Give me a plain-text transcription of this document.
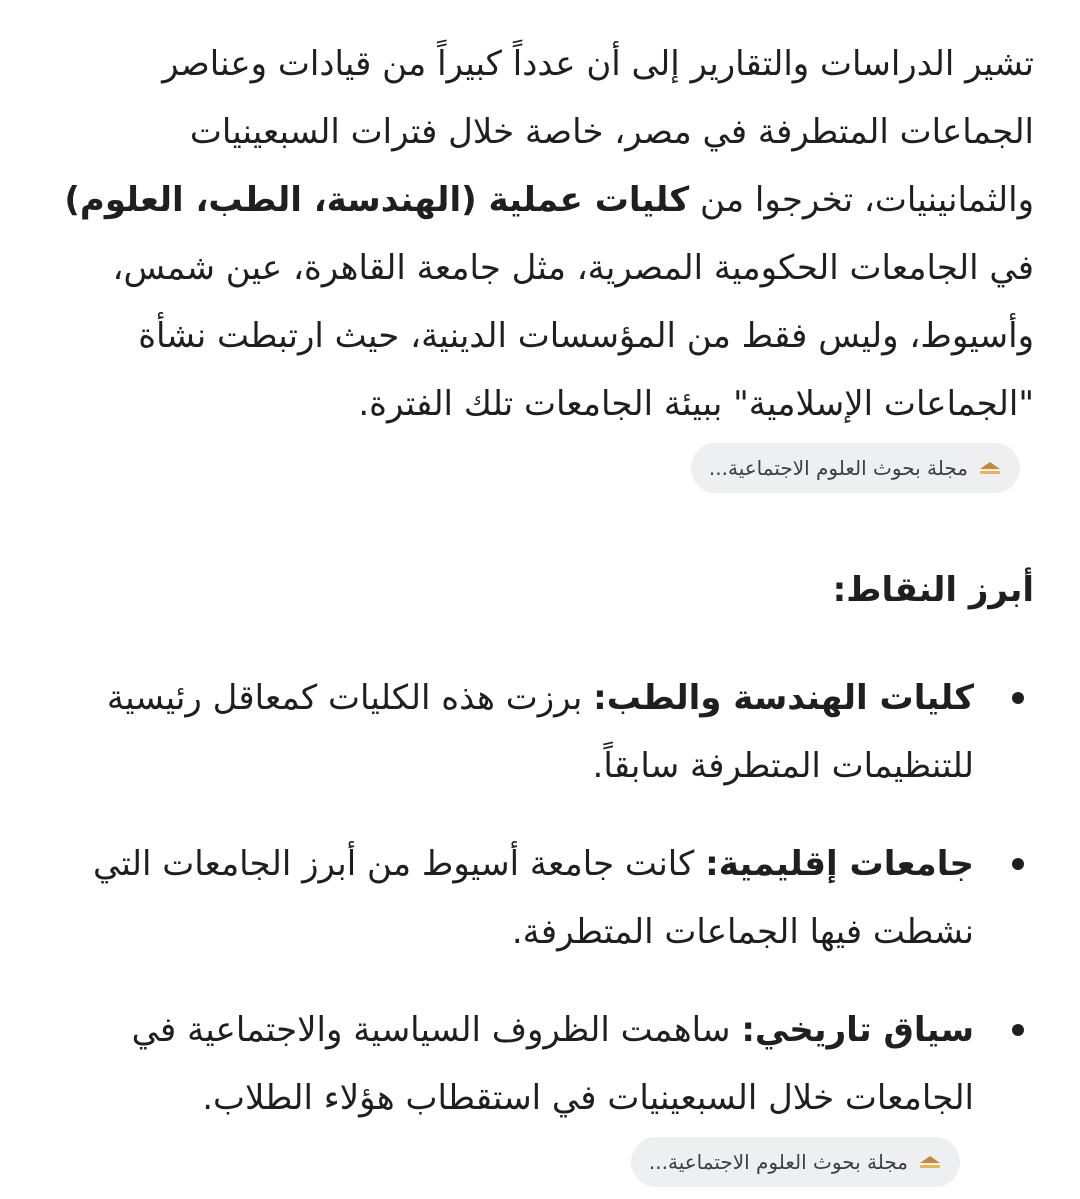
تشير الدراسات والتقارير إلى أن عدداً كبيراً من قيادات وعناصر الجماعات المتطرفة في مصر، خاصة خلال فترات السبعينيات والثمانينيات، تخرجوا من كليات عملية (الهندسة، الطب، العلوم) في الجامعات الحكومية المصرية، مثل جامعة القاهرة، عين شمس، وأسيوط، وليس فقط من المؤسسات الدينية، حيث ارتبطت نشأة "الجماعات الإسلامية" ببيئة الجامعات تلك الفترة.
مجلة بحوث العلوم الاجتماعية...

أبرز النقاط:
كليات الهندسة والطب: برزت هذه الكليات كمعاقل رئيسية للتنظيمات المتطرفة سابقاً.
جامعات إقليمية: كانت جامعة أسيوط من أبرز الجامعات التي نشطت فيها الجماعات المتطرفة.
سياق تاريخي: ساهمت الظروف السياسية والاجتماعية في الجامعات خلال السبعينيات في استقطاب هؤلاء الطلاب.
مجلة بحوث العلوم الاجتماعية...
